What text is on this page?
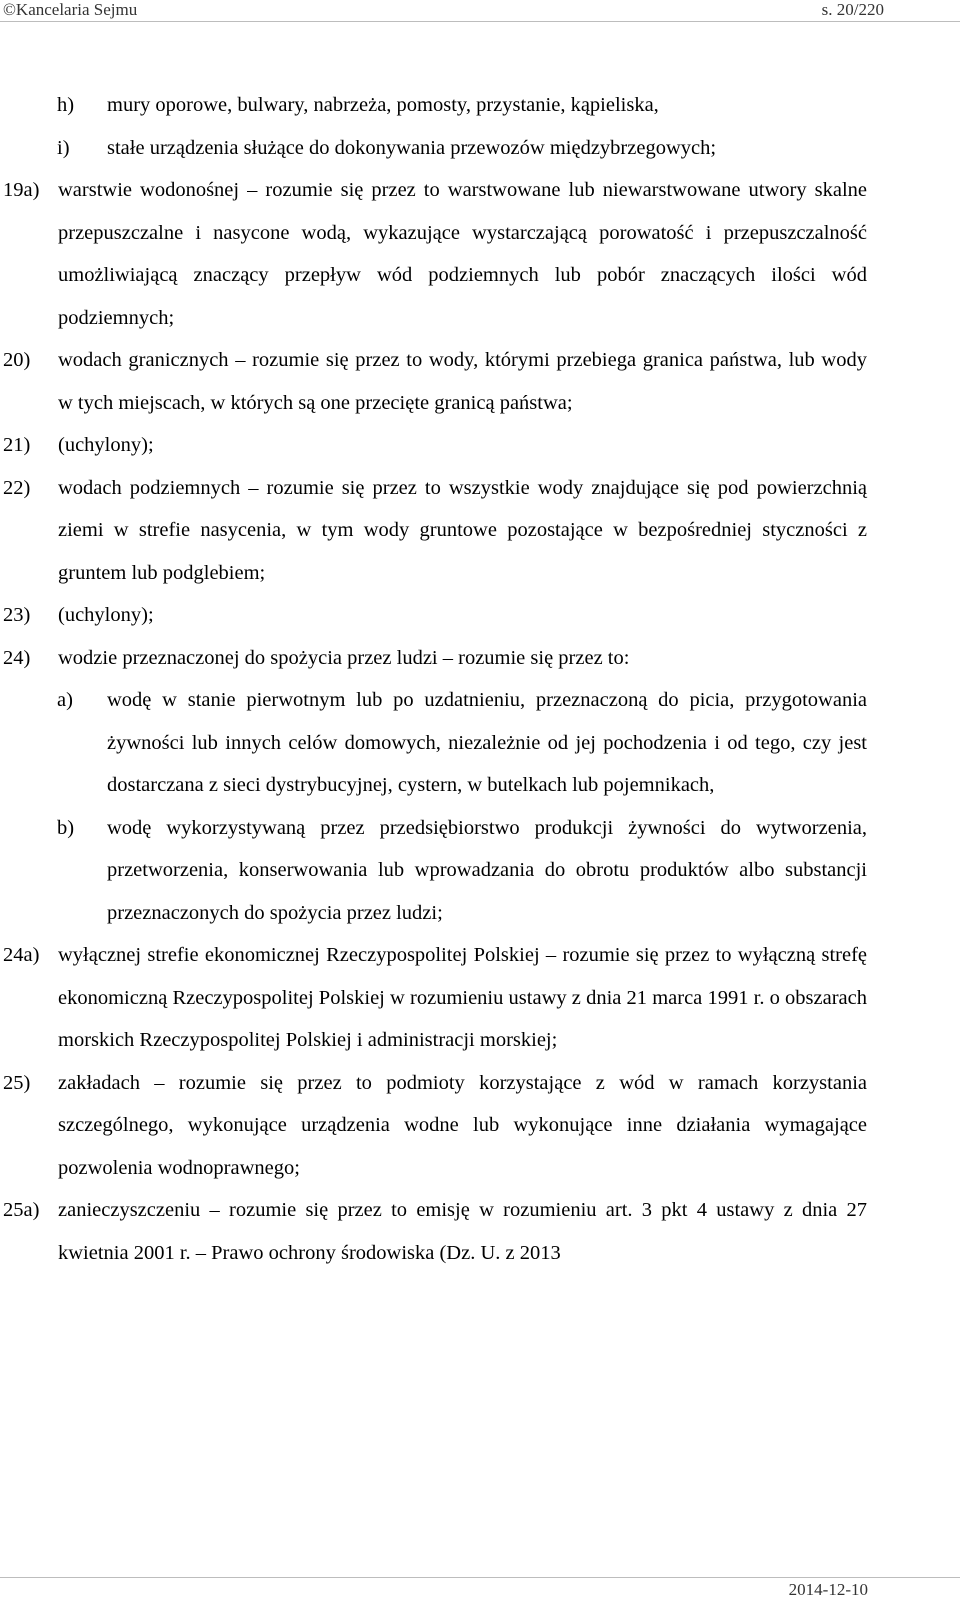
©Kancelaria Sejmu	s. 20/220
h) mury oporowe, bulwary, nabrzeża, pomosty, przystanie, kąpieliska,
i) stałe urządzenia służące do dokonywania przewozów międzybrzegowych;
19a) warstwie wodonośnej – rozumie się przez to warstwowane lub niewarstwowane utwory skalne przepuszczalne i nasycone wodą, wykazujące wystarczającą porowatość i przepuszczalność umożliwiającą znaczący przepływ wód podziemnych lub pobór znaczących ilości wód podziemnych;
20) wodach granicznych – rozumie się przez to wody, którymi przebiega granica państwa, lub wody w tych miejscach, w których są one przecięte granicą państwa;
21) (uchylony);
22) wodach podziemnych – rozumie się przez to wszystkie wody znajdujące się pod powierzchnią ziemi w strefie nasycenia, w tym wody gruntowe pozostające w bezpośredniej styczności z gruntem lub podglebiem;
23) (uchylony);
24) wodzie przeznaczonej do spożycia przez ludzi – rozumie się przez to:
a) wodę w stanie pierwotnym lub po uzdatnieniu, przeznaczoną do picia, przygotowania żywności lub innych celów domowych, niezależnie od jej pochodzenia i od tego, czy jest dostarczana z sieci dystrybucyjnej, cystern, w butelkach lub pojemnikach,
b) wodę wykorzystywaną przez przedsiębiorstwo produkcji żywności do wytworzenia, przetworzenia, konserwowania lub wprowadzania do obrotu produktów albo substancji przeznaczonych do spożycia przez ludzi;
24a) wyłącznej strefie ekonomicznej Rzeczypospolitej Polskiej – rozumie się przez to wyłączną strefę ekonomiczną Rzeczypospolitej Polskiej w rozumieniu ustawy z dnia 21 marca 1991 r. o obszarach morskich Rzeczypospolitej Polskiej i administracji morskiej;
25) zakładach – rozumie się przez to podmioty korzystające z wód w ramach korzystania szczególnego, wykonujące urządzenia wodne lub wykonujące inne działania wymagające pozwolenia wodnoprawnego;
25a) zanieczyszczeniu – rozumie się przez to emisję w rozumieniu art. 3 pkt 4 ustawy z dnia 27 kwietnia 2001 r. – Prawo ochrony środowiska (Dz. U. z 2013
2014-12-10
